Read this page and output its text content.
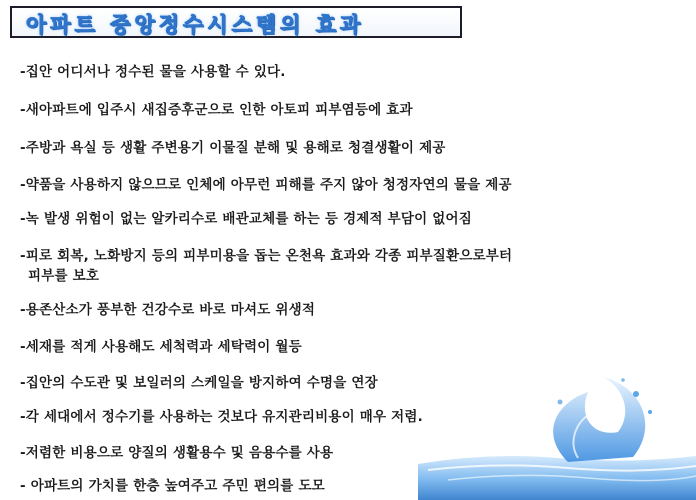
아파트 중앙정수시스템의 효과
-집안 어디서나 정수된 물을 사용할 수 있다.
-새아파트에 입주시 새집증후군으로 인한 아토피 피부염등에 효과
-주방과 욕실 등 생활 주변용기 이물질 분해 및 용해로 청결생활이 제공
-약품을 사용하지 않으므로 인체에 아무런 피해를 주지 않아 청정자연의 물을 제공
-녹 발생 위험이 없는 알카리수로 배관교체를 하는 등 경제적 부담이 없어짐
-피로 회복, 노화방지 등의 피부미용을 돕는 온천욕 효과와 각종 피부질환으로부터
피부를 보호
-용존산소가 풍부한 건강수로 바로 마셔도 위생적
-세재를 적게 사용해도 세척력과 세탁력이 월등
-집안의 수도관 및 보일러의 스케일을 방지하여 수명을 연장
-각 세대에서 정수기를 사용하는 것보다 유지관리비용이 매우 저렴.
-저렴한 비용으로 양질의 생활용수 및 음용수를 사용
- 아파트의 가치를 한층 높여주고 주민 편의를 도모
